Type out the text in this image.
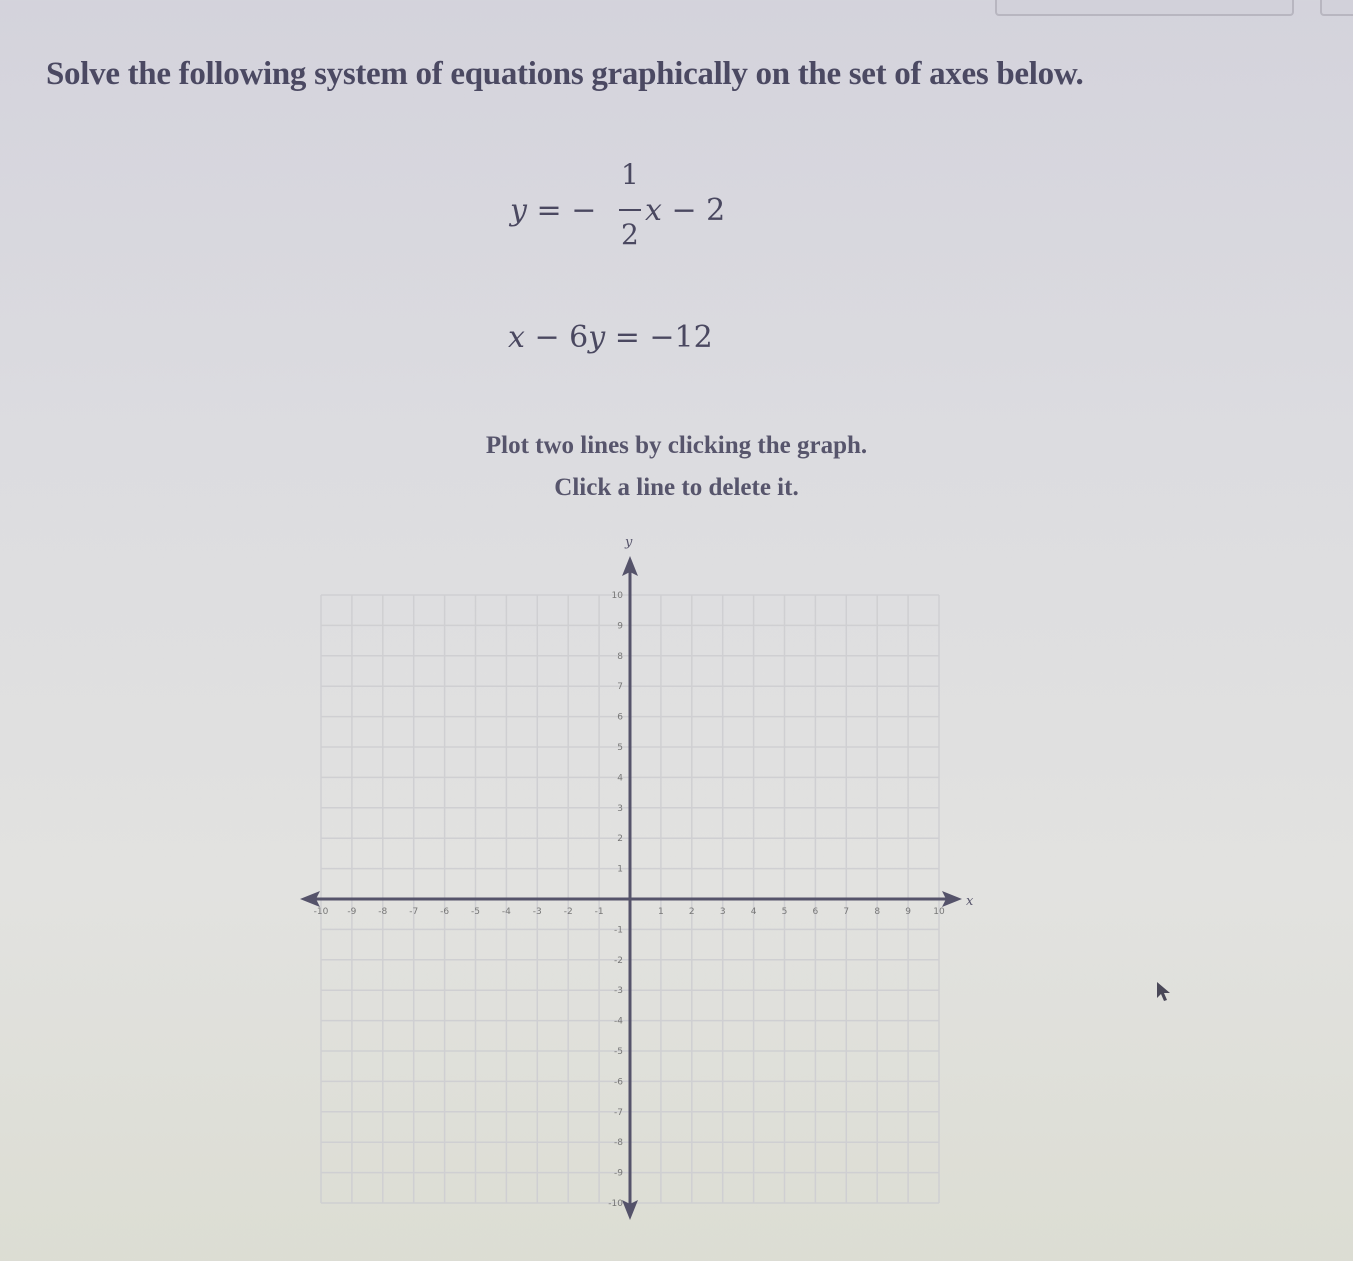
Solve the following system of equations graphically on the set of axes below.
y = −
1
2
x − 2
x − 6y = −12
Plot two lines by clicking the graph.
Click a line to delete it.
x
y
-10 -9 -8 -7 -6 -5 -4 -3 -2 -1	1	2	3	4	5	6	7	8	9 10
10
9
8
7
6
5
4
3
2
1
-1
-2
-3
-4
-5
-6
-7
-8
-9
-10
